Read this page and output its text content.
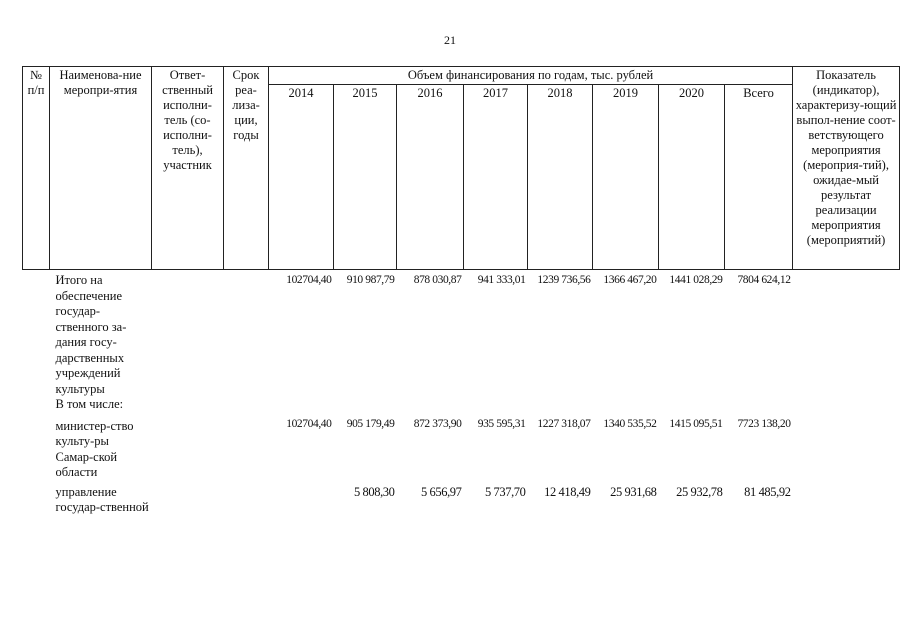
21
№ п/п	Наименова-ние меропри-ятия	Ответ-ственный исполни-тель (со-исполни-тель), участник	Срок реа-лиза-ции, годы	Объем финансирования по годам, тыс. рублей								Показатель (индикатор), характеризу-ющий выпол-нение соот-ветствующего мероприятия (мероприя-тий), ожидае-мый результат реализации мероприятия (мероприятий)
				2014	2015	2016	2017	2018	2019	2020	Всего	
	Итого на обеспечение государ-ственного за-дания госу-дарственных учреждений культуры			102704,40	910 987,79	878 030,87	941 333,01	1239 736,56	1366 467,20	1441 028,29	7804 624,12	
	В том числе:											
	министер-ство культу-ры Самар-ской области			102704,40	905 179,49	872 373,90	935 595,31	1227 318,07	1340 535,52	1415 095,51	7723 138,20	
	управление государ-ственной				5 808,30	5 656,97	5 737,70	12 418,49	25 931,68	25 932,78	81 485,92	
